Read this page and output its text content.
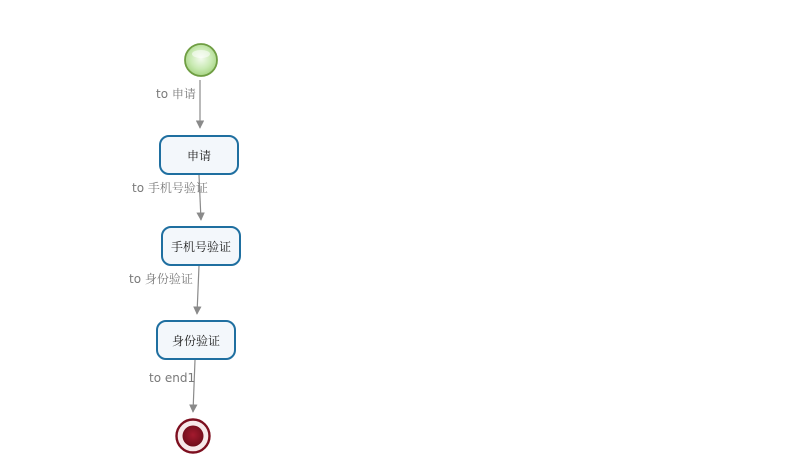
申请
手机号验证
身份验证
to 申请
to 手机号验证
to 身份验证
to end1
